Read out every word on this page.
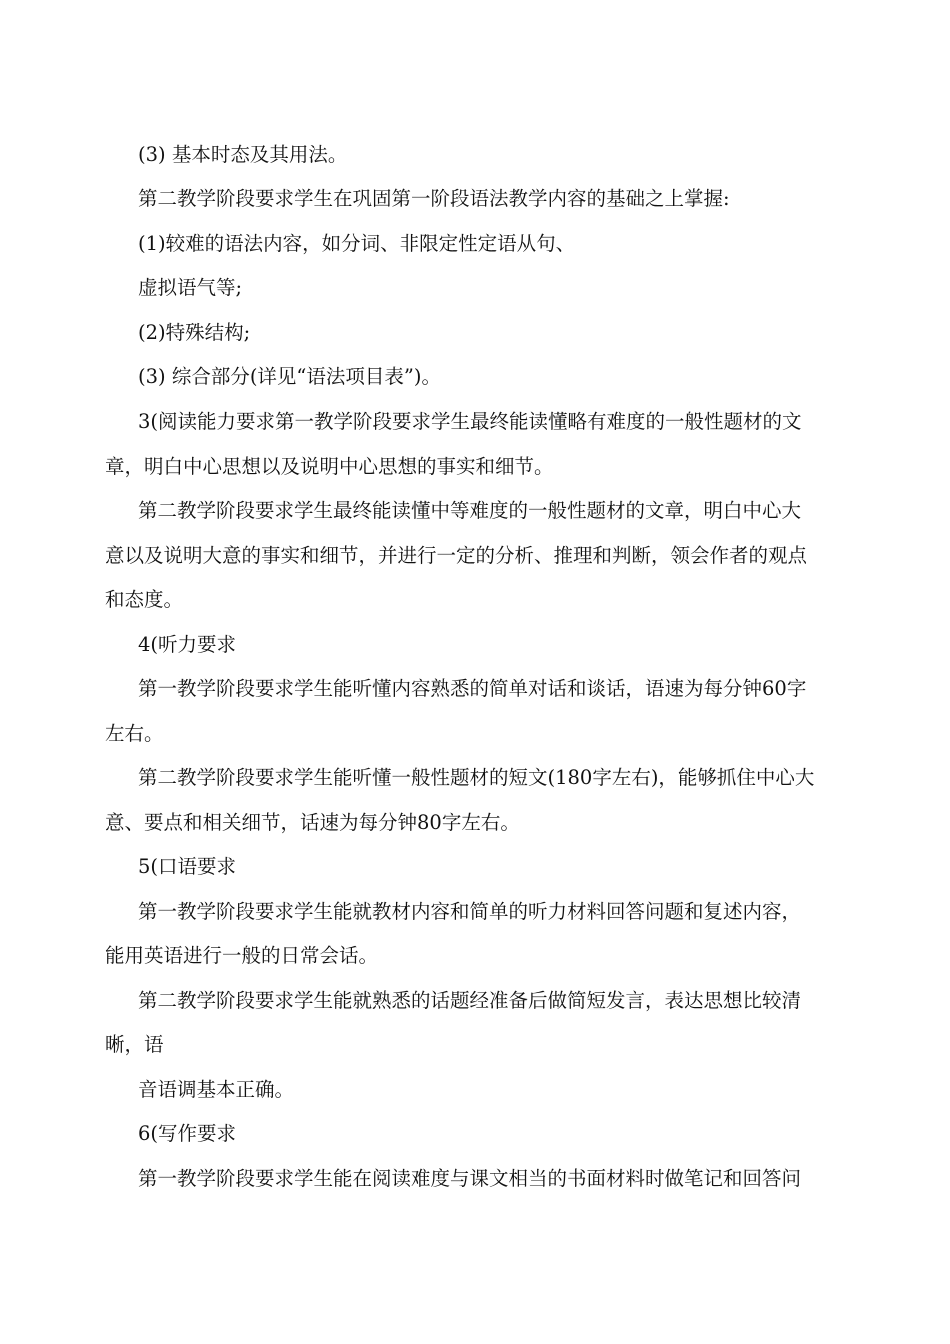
(3) 基本时态及其用法。
第二教学阶段要求学生在巩固第一阶段语法教学内容的基础之上掌握:
(1)较难的语法内容，如分词、非限定性定语从句、
虚拟语气等;
(2)特殊结构;
(3) 综合部分(详见“语法项目表”)。
3(阅读能力要求第一教学阶段要求学生最终能读懂略有难度的一般性题材的文
章，明白中心思想以及说明中心思想的事实和细节。
第二教学阶段要求学生最终能读懂中等难度的一般性题材的文章，明白中心大
意以及说明大意的事实和细节，并进行一定的分析、推理和判断，领会作者的观点
和态度。
4(听力要求
第一教学阶段要求学生能听懂内容熟悉的简单对话和谈话，语速为每分钟60字
左右。
第二教学阶段要求学生能听懂一般性题材的短文(180字左右)，能够抓住中心大
意、要点和相关细节，话速为每分钟80字左右。
5(口语要求
第一教学阶段要求学生能就教材内容和简单的听力材料回答问题和复述内容，
能用英语进行一般的日常会话。
第二教学阶段要求学生能就熟悉的话题经准备后做简短发言，表达思想比较清
晰，语
音语调基本正确。
6(写作要求
第一教学阶段要求学生能在阅读难度与课文相当的书面材料时做笔记和回答问
